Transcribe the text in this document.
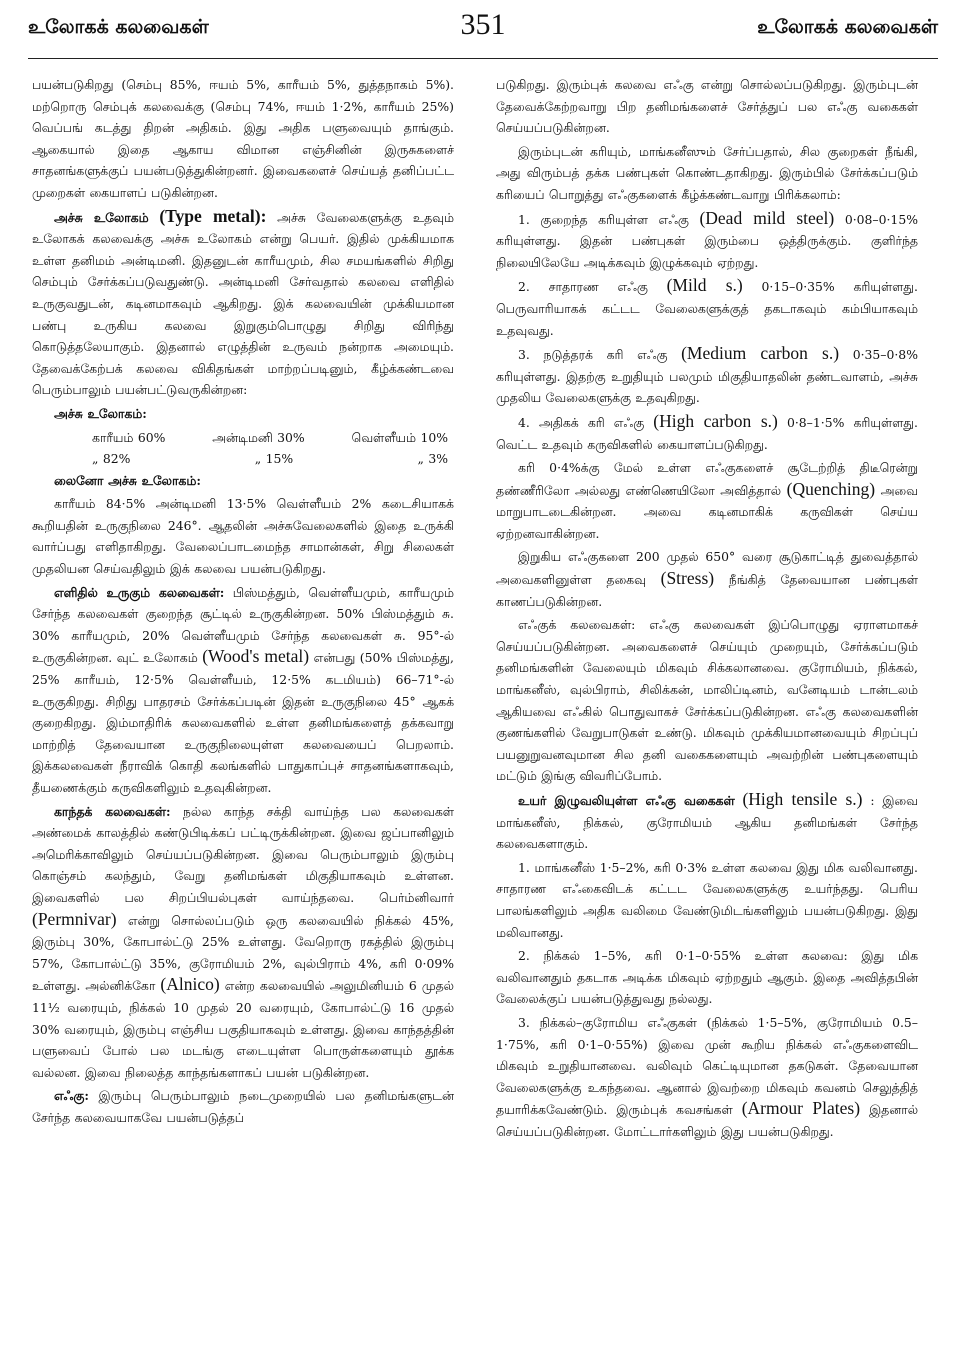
உலோகக் கலவைகள்	351	உலோகக் கலவைகள்

பயன்படுகிறது (செம்பு 85%, ஈயம் 5%, காரீயம் 5%, துத்தநாகம் 5%). மற்றொரு செம்புக் கலவைக்கு (செம்பு 74%, ஈயம் 1·2%, காரீயம் 25%) வெப்பங் கடத்து திறன் அதிகம். இது அதிக பளுவையும் தாங்கும். ஆகையால் இதை ஆகாய விமான எஞ்சினின் இருசுகளைச் சாதனங்களுக்குப் பயன்படுத்துகின்றனர். இவைகளைச் செய்யத் தனிப்பட்ட முறைகள் கையாளப் படுகின்றன.

அச்சு உலோகம் (Type metal): அச்சு வேலைகளுக்கு உதவும் உலோகக் கலவைக்கு அச்சு உலோகம் என்று பெயர். இதில் முக்கியமாக உள்ள தனிமம் அன்டிமனி. இதனுடன் காரீயமும், சில சமயங்களில் சிறிது செம்பும் சேர்க்கப்படுவதுண்டு. அன்டிமனி சேர்வதால் கலவை எளிதில் உருகுவதுடன், கடினமாகவும் ஆகிறது. இக் கலவையின் முக்கியமான பண்பு உருகிய கலவை இறுகும்பொழுது சிறிது விரிந்து கொடுத்தலேயாகும். இதனால் எழுத்தின் உருவம் நன்றாக அமையும். தேவைக்கேற்பக் கலவை விகிதங்கள் மாற்றப்படினும், கீழ்க்கண்டவை பெரும்பாலும் பயன்பட்டுவருகின்றன:

அச்சு உலோகம்:

காரீயம் 60%	அன்டிமனி 30%	வெள்ளீயம் 10%
„ 82%	„ 15%	„ 3%

லைனோ அச்சு உலோகம்:

காரீயம் 84·5% அன்டிமனி 13·5% வெள்ளீயம் 2% கடைசியாகக் கூறியதின் உருகுநிலை 246°. ஆதலின் அச்சுவேலைகளில் இதை உருக்கி வார்ப்பது எளிதாகிறது. வேலைப்பாடமைந்த சாமான்கள், சிறு சிலைகள் முதலியன செய்வதிலும் இக் கலவை பயன்படுகிறது.

எளிதில் உருகும் கலவைகள்: பிஸ்மத்தும், வெள்ளீயமும், காரீயமும் சேர்ந்த கலவைகள் குறைந்த சூட்டில் உருகுகின்றன. 50% பிஸ்மத்தும் சு. 30% காரீயமும், 20% வெள்ளீயமும் சேர்ந்த கலவைகள் சு. 95°-ல் உருகுகின்றன. வுட் உலோகம் (Wood's metal) என்பது (50% பிஸ்மத்து, 25% காரீயம், 12·5% வெள்ளீயம், 12·5% கடமியம்) 66–71°-ல் உருகுகிறது. சிறிது பாதரசம் சேர்க்கப்படின் இதன் உருகுநிலை 45° ஆகக் குறைகிறது. இம்மாதிரிக் கலவைகளில் உள்ள தனிமங்களைத் தக்கவாறு மாற்றித் தேவையான உருகுநிலையுள்ள கலவையைப் பெறலாம். இக்கலவைகள் நீராவிக் கொதி கலங்களில் பாதுகாப்புச் சாதனங்களாகவும், தீயணைக்கும் கருவிகளிலும் உதவுகின்றன.

காந்தக் கலவைகள்: நல்ல காந்த சக்தி வாய்ந்த பல கலவைகள் அண்மைக் காலத்தில் கண்டுபிடிக்கப் பட்டிருக்கின்றன. இவை ஜப்பானிலும் அமெரிக்காவிலும் செய்யப்படுகின்றன. இவை பெரும்பாலும் இரும்பு கொஞ்சம் கலந்தும், வேறு தனிமங்கள் மிகுதியாகவும் உள்ளன. இவைகளில் பல சிறப்பியல்புகள் வாய்ந்தவை. பெர்ம்னிவார் (Permnivar) என்று சொல்லப்படும் ஒரு கலவையில் நிக்கல் 45%, இரும்பு 30%, கோபால்ட்டு 25% உள்ளது. வேறொரு ரகத்தில் இரும்பு 57%, கோபால்ட்டு 35%, குரோமியம் 2%, வுல்பிராம் 4%, கரி 0·09% உள்ளது. அல்னிக்கோ (Alnico) என்ற கலவையில் அலுமினியம் 6 முதல் 11½ வரையும், நிக்கல் 10 முதல் 20 வரையும், கோபால்ட்டு 16 முதல் 30% வரையும், இரும்பு எஞ்சிய பகுதியாகவும் உள்ளது. இவை காந்தத்தின் பளுவைப் போல் பல மடங்கு எடையுள்ள பொருள்களையும் தூக்க வல்லன. இவை நிலைத்த காந்தங்களாகப் பயன் படுகின்றன.

எஃகு: இரும்பு பெரும்பாலும் நடைமுறையில் பல தனிமங்களுடன் சேர்ந்த கலவையாகவே பயன்படுத்தப்

படுகிறது. இரும்புக் கலவை எஃகு என்று சொல்லப்படுகிறது. இரும்புடன் தேவைக்கேற்றவாறு பிற தனிமங்களைச் சேர்த்துப் பல எஃகு வகைகள் செய்யப்படுகின்றன.

இரும்புடன் கரியும், மாங்கனீஸும் சேர்ப்பதால், சில குறைகள் நீங்கி, அது விரும்பத் தக்க பண்புகள் கொண்டதாகிறது. இரும்பில் சேர்க்கப்படும் கரியைப் பொறுத்து எஃகுகளைக் கீழ்க்கண்டவாறு பிரிக்கலாம்:

1. குறைந்த கரியுள்ள எஃகு (Dead mild steel) 0·08–0·15% கரியுள்ளது. இதன் பண்புகள் இரும்பை ஒத்திருக்கும். குளிர்ந்த நிலையிலேயே அடிக்கவும் இழுக்கவும் ஏற்றது.

2. சாதாரண எஃகு (Mild s.) 0·15–0·35% கரியுள்ளது. பெருவாரியாகக் கட்டட வேலைகளுக்குத் தகடாகவும் கம்பியாகவும் உதவுவது.

3. நடுத்தரக் கரி எஃகு (Medium carbon s.) 0·35–0·8% கரியுள்ளது. இதற்கு உறுதியும் பலமும் மிகுதியாதலின் தண்டவாளம், அச்சு முதலிய வேலைகளுக்கு உதவுகிறது.

4. அதிகக் கரி எஃகு (High carbon s.) 0·8–1·5% கரியுள்ளது. வெட்ட உதவும் கருவிகளில் கையாளப்படுகிறது.

கரி 0·4%க்கு மேல் உள்ள எஃகுகளைச் சூடேற்றித் திடீரென்று தண்ணீரிலோ அல்லது எண்ணெயிலோ அவித்தால் (Quenching) அவை மாறுபாடடைகின்றன. அவை கடினமாகிக் கருவிகள் செய்ய ஏற்றனவாகின்றன.

இறுகிய எஃகுகளை 200 முதல் 650° வரை சூடுகாட்டித் துவைத்தால் அவைகளினுள்ள தகைவு (Stress) நீங்கித் தேவையான பண்புகள் காணப்படுகின்றன.

எஃகுக் கலவைகள்: எஃகு கலவைகள் இப்பொழுது ஏராளமாகச் செய்யப்படுகின்றன. அவைகளைச் செய்யும் முறையும், சேர்க்கப்படும் தனிமங்களின் வேலையும் மிகவும் சிக்கலானவை. குரோமியம், நிக்கல், மாங்கனீஸ், வுல்பிராம், சிலிக்கன், மாலிப்டினம், வனேடியம் டான்டலம் ஆகியவை எஃகில் பொதுவாகச் சேர்க்கப்படுகின்றன. எஃகு கலவைகளின் குணங்களில் வேறுபாடுகள் உண்டு. மிகவும் முக்கியமானவையும் சிறப்புப் பயனுறுவனவுமான சில தனி வகைகளையும் அவற்றின் பண்புகளையும் மட்டும் இங்கு விவரிப்போம்.

உயர் இழுவலியுள்ள எஃகு வகைகள் (High tensile s.) : இவை மாங்கனீஸ், நிக்கல், குரோமியம் ஆகிய தனிமங்கள் சேர்ந்த கலவைகளாகும்.

1. மாங்கனீஸ் 1·5–2%, கரி 0·3% உள்ள கலவை இது மிக வலிவானது. சாதாரண எஃகைவிடக் கட்டட வேலைகளுக்கு உயர்ந்தது. பெரிய பாலங்களிலும் அதிக வலிமை வேண்டுமிடங்களிலும் பயன்படுகிறது. இது மலிவானது.

2. நிக்கல் 1–5%, கரி 0·1–0·55% உள்ள கலவை: இது மிக வலிவானதும் தகடாக அடிக்க மிகவும் ஏற்றதும் ஆகும். இதை அவித்தபின் வேலைக்குப் பயன்படுத்துவது நல்லது.

3. நிக்கல்–குரோமிய எஃகுகள் (நிக்கல் 1·5–5%, குரோமியம் 0.5–1·75%, கரி 0·1–0·55%) இவை முன் கூறிய நிக்கல் எஃகுகளைவிட மிகவும் உறுதியானவை. வலிவும் கெட்டியுமான தகடுகள். தேவையான வேலைகளுக்கு உகந்தவை. ஆனால் இவற்றை மிகவும் கவனம் செலுத்தித் தயாரிக்கவேண்டும். இரும்புக் கவசங்கள் (Armour Plates) இதனால் செய்யப்படுகின்றன. மோட்டார்களிலும் இது பயன்படுகிறது.
